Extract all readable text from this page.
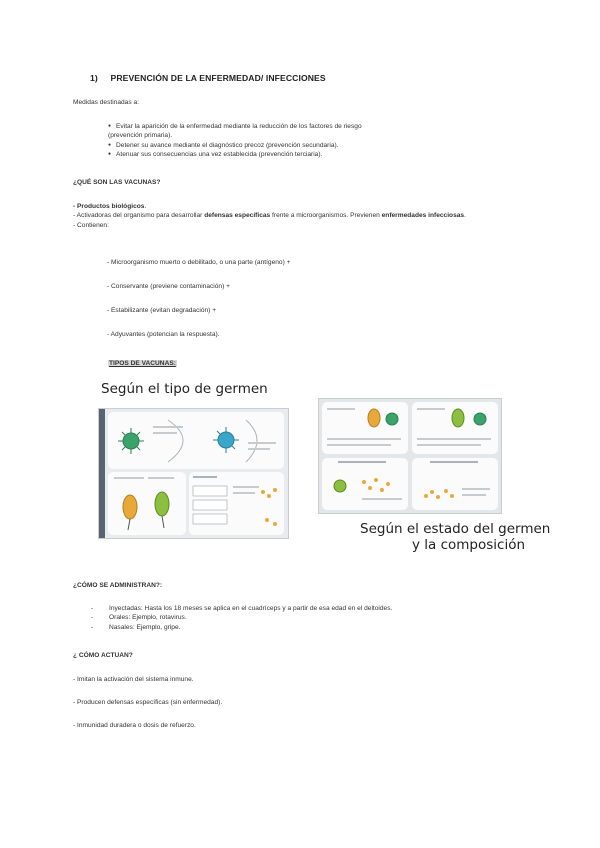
1) PREVENCIÓN DE LA ENFERMEDAD/ INFECCIONES
Medidas destinadas a:
● Evitar la aparición de la enfermedad mediante la reducción de los factores de riesgo
(prevención primaria).
● Detener su avance mediante el diagnóstico precoz (prevención secundaria).
● Atenuar sus consecuencias una vez establecida (prevención terciaria).
¿QUÉ SON LAS VACUNAS?
- Productos biológicos.
- Activadoras del organismo para desarrollar defensas específicas frente a microorganismos. Previenen enfermedades infecciosas.
- Contienen:
- Microorganismo muerto o debilitado, o una parte (antígeno) +
- Conservante (previene contaminación) +
- Estabilizante (evitan degradación) +
- Adyuvantes (potencian la respuesta).
TIPOS DE VACUNAS:
Según el tipo de germen
Según el estado del germen
y la composición
¿CÓMO SE ADMINISTRAN?:
- Inyectadas: Hasta los 18 meses se aplica en el cuadríceps y a partir de esa edad en el deltoides.
- Orales: Ejemplo, rotavirus.
- Nasales: Ejemplo, gripe.
¿ CÓMO ACTUAN?
- Imitan la activación del sistema inmune.
- Producen defensas específicas (sin enfermedad).
- Inmunidad duradera o dosis de refuerzo.
